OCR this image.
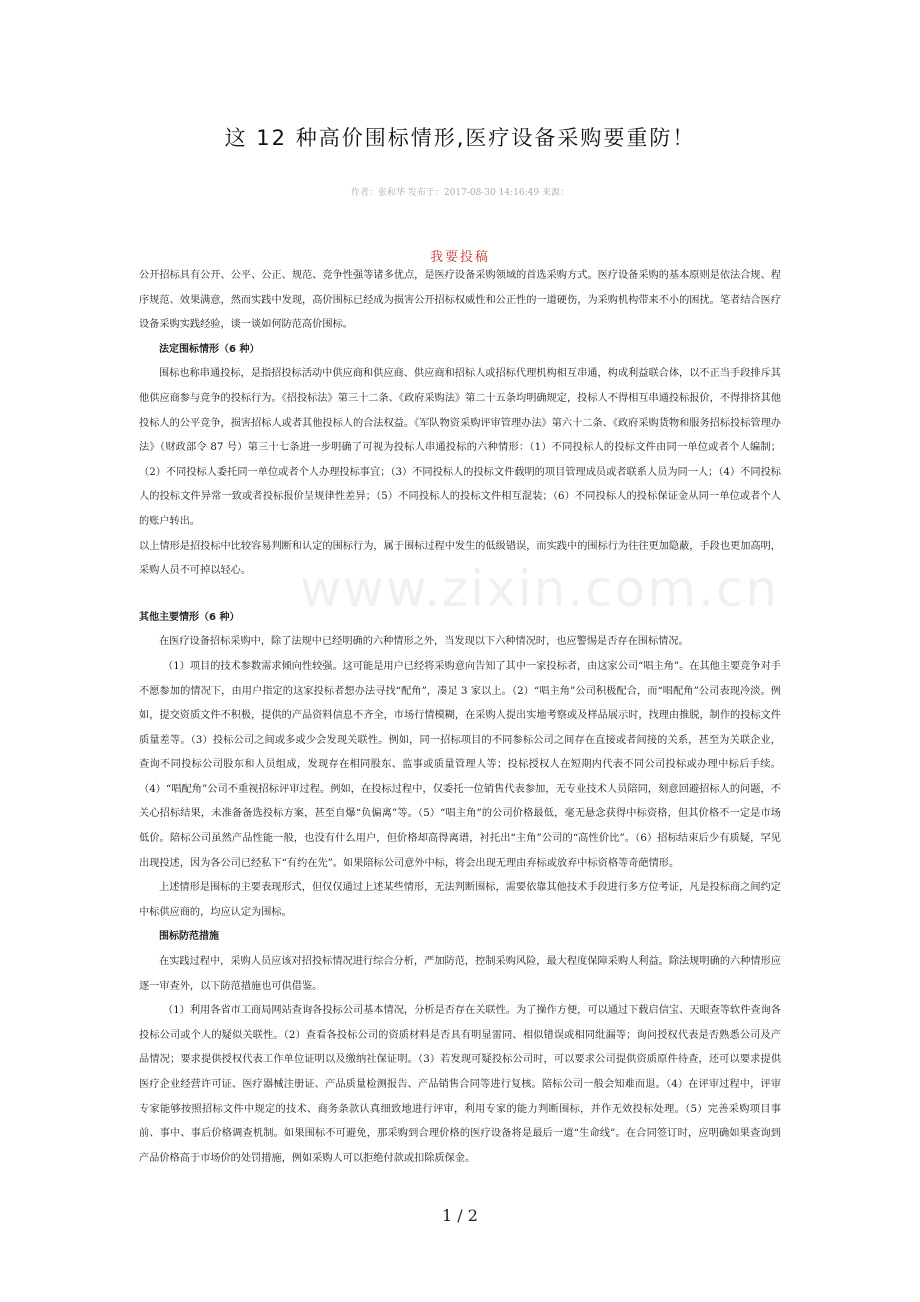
这 12 种高价围标情形,医疗设备采购要重防！
作者：张和华 发布于：2017-08-30 14:16:49 来源：
我要投稿
www.zixin.com.cn

公开招标具有公开、公平、公正、规范、竞争性强等诸多优点，是医疗设备采购领域的首选采购方式。医疗设备采购的基本原则是依法合规、程序规范、效果满意，然而实践中发现，高价围标已经成为损害公开招标权威性和公正性的一道硬伤，为采购机构带来不小的困扰。笔者结合医疗设备采购实践经验，谈一谈如何防范高价围标。

法定围标情形（6 种）

围标也称串通投标，是指招投标活动中供应商和供应商、供应商和招标人或招标代理机构相互串通，构成利益联合体，以不正当手段排斥其他供应商参与竞争的投标行为。《招投标法》第三十二条、《政府采购法》第二十五条均明确规定，投标人不得相互串通投标报价，不得排挤其他投标人的公平竞争，损害招标人或者其他投标人的合法权益。《军队物资采购评审管理办法》第六十二条、《政府采购货物和服务招标投标管理办法》（财政部令 87 号）第三十七条进一步明确了可视为投标人串通投标的六种情形：（1）不同投标人的投标文件由同一单位或者个人编制；（2）不同投标人委托同一单位或者个人办理投标事宜；（3）不同投标人的投标文件载明的项目管理成员或者联系人员为同一人；（4）不同投标人的投标文件异常一致或者投标报价呈规律性差异；（5）不同投标人的投标文件相互混装；（6）不同投标人的投标保证金从同一单位或者个人的账户转出。

以上情形是招投标中比较容易判断和认定的围标行为，属于围标过程中发生的低级错误，而实践中的围标行为往往更加隐蔽，手段也更加高明，采购人员不可掉以轻心。

其他主要情形（6 种）

在医疗设备招标采购中，除了法规中已经明确的六种情形之外，当发现以下六种情况时，也应警惕是否存在围标情况。

（1）项目的技术参数需求倾向性较强。这可能是用户已经将采购意向告知了其中一家投标者，由这家公司“唱主角”。在其他主要竞争对手不愿参加的情况下，由用户指定的这家投标者想办法寻找“配角”，凑足 3 家以上。（2）“唱主角”公司积极配合，而“唱配角”公司表现冷淡。例如，提交资质文件不积极，提供的产品资料信息不齐全，市场行情模糊，在采购人提出实地考察或及样品展示时，找理由推脱，制作的投标文件质量差等。（3）投标公司之间或多或少会发现关联性。例如，同一招标项目的不同参标公司之间存在直接或者间接的关系，甚至为关联企业，查询不同投标公司股东和人员组成，发现存在相同股东、监事或质量管理人等；投标授权人在短期内代表不同公司投标或办理中标后手续。（4）“唱配角”公司不重视招标评审过程。例如，在投标过程中，仅委托一位销售代表参加，无专业技术人员陪同，刻意回避招标人的问题，不关心招标结果，未准备备选投标方案，甚至自爆“负偏离”等。（5）“唱主角”的公司价格最低，毫无悬念获得中标资格，但其价格不一定是市场低价。陪标公司虽然产品性能一般，也没有什么用户，但价格却高得离谱，衬托出“主角”公司的“高性价比”。（6）招标结束后少有质疑，罕见出现投述，因为各公司已经私下“有约在先”。如果陪标公司意外中标，将会出现无理由弃标或放弃中标资格等奇葩情形。

上述情形是围标的主要表现形式，但仅仅通过上述某些情形，无法判断围标，需要依靠其他技术手段进行多方位考证，凡是投标商之间约定中标供应商的，均应认定为围标。

围标防范措施

在实践过程中，采购人员应该对招投标情况进行综合分析，严加防范，控制采购风险，最大程度保障采购人利益。除法规明确的六种情形应逐一审查外，以下防范措施也可供借鉴。

（1）利用各省市工商局网站查询各投标公司基本情况，分析是否存在关联性。为了操作方便，可以通过下载启信宝、天眼查等软件查询各投标公司或个人的疑似关联性。（2）查看各投标公司的资质材料是否具有明显雷同、相似错误或相同纰漏等；询问授权代表是否熟悉公司及产品情况；要求提供授权代表工作单位证明以及缴纳社保证明。（3）若发现可疑投标公司时，可以要求公司提供资质原件待查，还可以要求提供医疗企业经营许可证、医疗器械注册证、产品质量检测报告、产品销售合同等进行复核。陪标公司一般会知难而退。（4）在评审过程中，评审专家能够按照招标文件中规定的技术、商务条款认真细致地进行评审，利用专家的能力判断围标，并作无效投标处理。（5）完善采购项目事前、事中、事后价格调查机制。如果围标不可避免，那采购到合理价格的医疗设备将是最后一道“生命线”。在合同签订时，应明确如果查询到产品价格高于市场价的处罚措施，例如采购人可以拒绝付款或扣除质保金。

1 / 2
